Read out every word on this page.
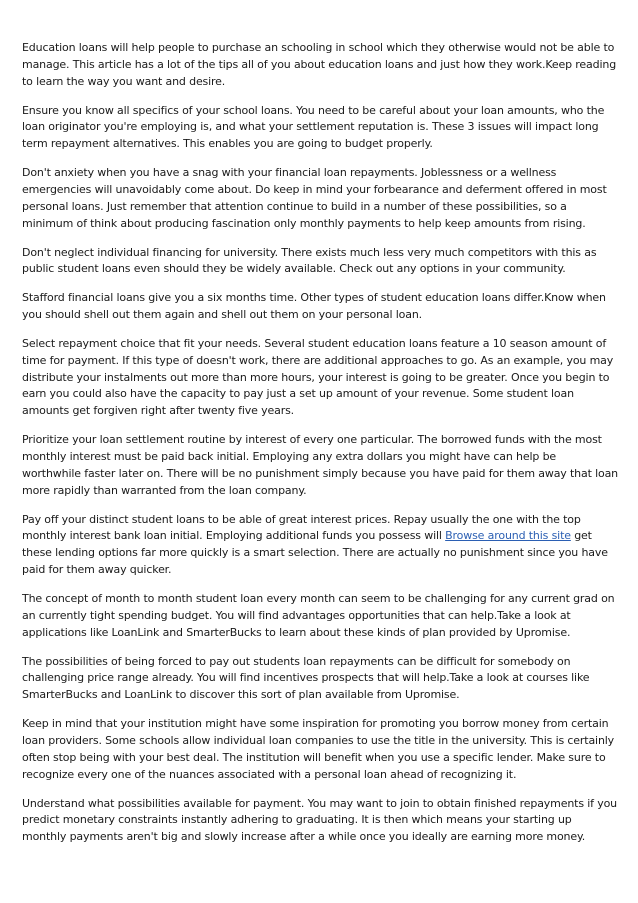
Education loans will help people to purchase an schooling in school which they otherwise would not be able to manage. This article has a lot of the tips all of you about education loans and just how they work.Keep reading to learn the way you want and desire.

Ensure you know all specifics of your school loans. You need to be careful about your loan amounts, who the loan originator you're employing is, and what your settlement reputation is. These 3 issues will impact long term repayment alternatives. This enables you are going to budget properly.

Don't anxiety when you have a snag with your financial loan repayments. Joblessness or a wellness emergencies will unavoidably come about. Do keep in mind your forbearance and deferment offered in most personal loans. Just remember that attention continue to build in a number of these possibilities, so a minimum of think about producing fascination only monthly payments to help keep amounts from rising.

Don't neglect individual financing for university. There exists much less very much competitors with this as public student loans even should they be widely available. Check out any options in your community.

Stafford financial loans give you a six months time. Other types of student education loans differ.Know when you should shell out them again and shell out them on your personal loan.

Select repayment choice that fit your needs. Several student education loans feature a 10 season amount of time for payment. If this type of doesn't work, there are additional approaches to go. As an example, you may distribute your instalments out more than more hours, your interest is going to be greater. Once you begin to earn you could also have the capacity to pay just a set up amount of your revenue. Some student loan amounts get forgiven right after twenty five years.

Prioritize your loan settlement routine by interest of every one particular. The borrowed funds with the most monthly interest must be paid back initial. Employing any extra dollars you might have can help be worthwhile faster later on. There will be no punishment simply because you have paid for them away that loan more rapidly than warranted from the loan company.

Pay off your distinct student loans to be able of great interest prices. Repay usually the one with the top monthly interest bank loan initial. Employing additional funds you possess will Browse around this site get these lending options far more quickly is a smart selection. There are actually no punishment since you have paid for them away quicker.

The concept of month to month student loan every month can seem to be challenging for any current grad on an currently tight spending budget. You will find advantages opportunities that can help.Take a look at applications like LoanLink and SmarterBucks to learn about these kinds of plan provided by Upromise.

The possibilities of being forced to pay out students loan repayments can be difficult for somebody on challenging price range already. You will find incentives prospects that will help.Take a look at courses like SmarterBucks and LoanLink to discover this sort of plan available from Upromise.

Keep in mind that your institution might have some inspiration for promoting you borrow money from certain loan providers. Some schools allow individual loan companies to use the title in the university. This is certainly often stop being with your best deal. The institution will benefit when you use a specific lender. Make sure to recognize every one of the nuances associated with a personal loan ahead of recognizing it.

Understand what possibilities available for payment. You may want to join to obtain finished repayments if you predict monetary constraints instantly adhering to graduating. It is then which means your starting up monthly payments aren't big and slowly increase after a while once you ideally are earning more money.
